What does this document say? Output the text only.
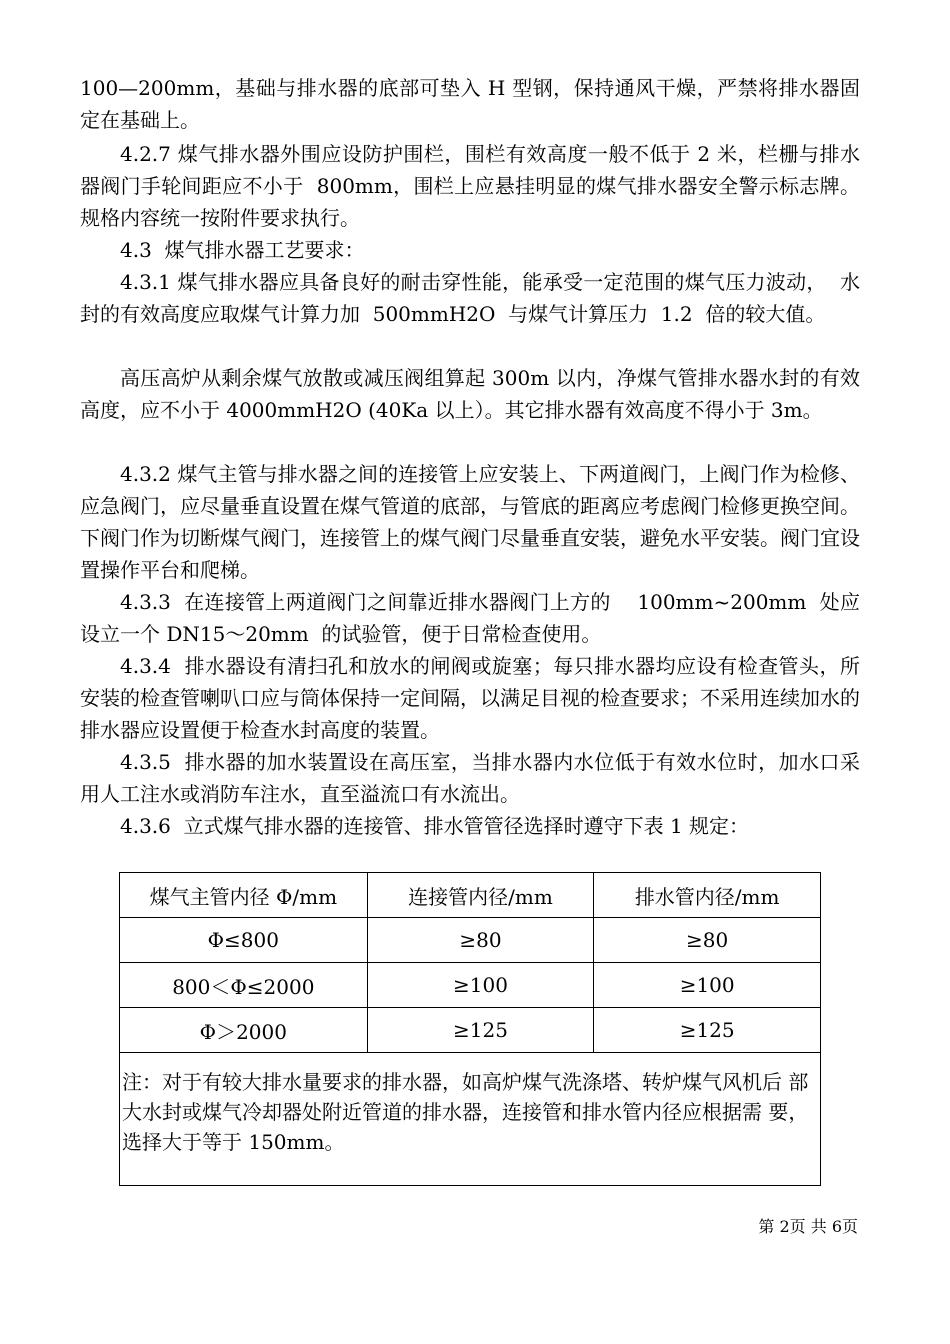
100—200mm，基础与排水器的底部可垫入 H 型钢，保持通风干燥，严禁将排水器固定在基础上。

4.2.7 煤气排水器外围应设防护围栏，围栏有效高度一般不低于 2 米，栏栅与排水器阀门手轮间距应不小于  800mm，围栏上应悬挂明显的煤气排水器安全警示标志牌。规格内容统一按附件要求执行。

4.3  煤气排水器工艺要求：

4.3.1 煤气排水器应具备良好的耐击穿性能，能承受一定范围的煤气压力波动，  水封的有效高度应取煤气计算力加  500mmH2O  与煤气计算压力  1.2  倍的较大值。

高压高炉从剩余煤气放散或减压阀组算起 300m 以内，净煤气管排水器水封的有效高度，应不小于 4000mmH2O (40Ka 以上）。其它排水器有效高度不得小于 3m。

4.3.2 煤气主管与排水器之间的连接管上应安装上、下两道阀门，上阀门作为检修、应急阀门，应尽量垂直设置在煤气管道的底部，与管底的距离应考虑阀门检修更换空间。下阀门作为切断煤气阀门，连接管上的煤气阀门尽量垂直安装，避免水平安装。阀门宜设置操作平台和爬梯。

4.3.3  在连接管上两道阀门之间靠近排水器阀门上方的    100mm~200mm  处应设立一个 DN15～20mm  的试验管，便于日常检查使用。

4.3.4  排水器设有清扫孔和放水的闸阀或旋塞；每只排水器均应设有检查管头，所安装的检查管喇叭口应与筒体保持一定间隔，以满足目视的检查要求；不采用连续加水的排水器应设置便于检查水封高度的装置。

4.3.5  排水器的加水装置设在高压室，当排水器内水位低于有效水位时，加水口采用人工注水或消防车注水，直至溢流口有水流出。

4.3.6  立式煤气排水器的连接管、排水管管径选择时遵守下表 1 规定：

煤气主管内径 Φ/mm	连接管内径/mm	排水管内径/mm
Φ≤800	≥80	≥80
800＜Φ≤2000	≥100	≥100
Φ＞2000	≥125	≥125
注：对于有较大排水量要求的排水器，如高炉煤气洗涤塔、转炉煤气风机后 部大水封或煤气冷却器处附近管道的排水器，连接管和排水管内径应根据需 要，选择大于等于 150mm。		
第 2页 共 6页
